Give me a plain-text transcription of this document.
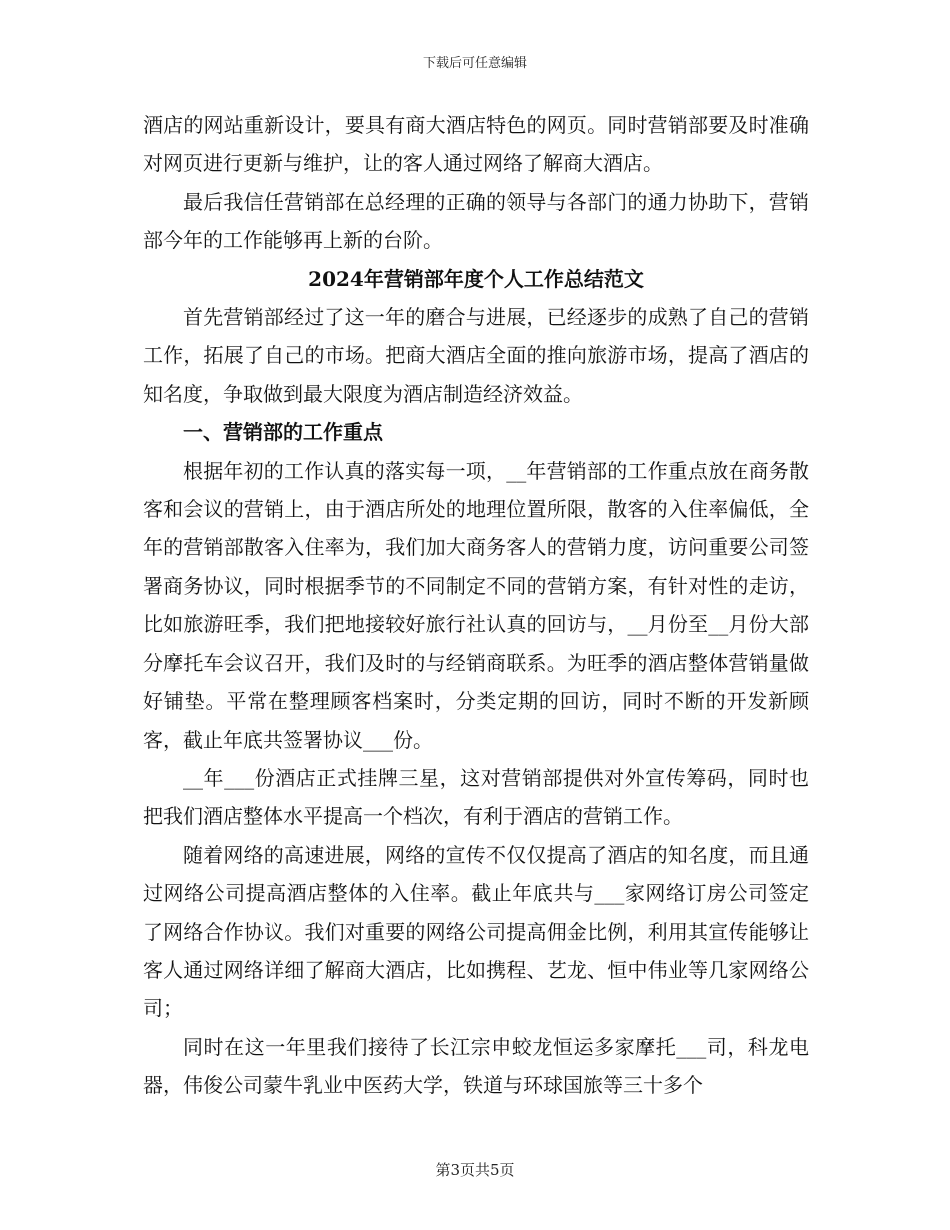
下载后可任意编辑

酒店的网站重新设计，要具有商大酒店特色的网页。同时营销部要及时准确对网页进行更新与维护，让的客人通过网络了解商大酒店。

最后我信任营销部在总经理的正确的领导与各部门的通力协助下，营销部今年的工作能够再上新的台阶。

2024年营销部年度个人工作总结范文

首先营销部经过了这一年的磨合与进展，已经逐步的成熟了自己的营销工作，拓展了自己的市场。把商大酒店全面的推向旅游市场，提高了酒店的知名度，争取做到最大限度为酒店制造经济效益。

一、营销部的工作重点

根据年初的工作认真的落实每一项，__年营销部的工作重点放在商务散客和会议的营销上，由于酒店所处的地理位置所限，散客的入住率偏低，全年的营销部散客入住率为，我们加大商务客人的营销力度，访问重要公司签署商务协议，同时根据季节的不同制定不同的营销方案，有针对性的走访，比如旅游旺季，我们把地接较好旅行社认真的回访与，__月份至__月份大部分摩托车会议召开，我们及时的与经销商联系。为旺季的酒店整体营销量做好铺垫。平常在整理顾客档案时，分类定期的回访，同时不断的开发新顾客，截止年底共签署协议___份。

__年___份酒店正式挂牌三星，这对营销部提供对外宣传筹码，同时也把我们酒店整体水平提高一个档次，有利于酒店的营销工作。

随着网络的高速进展，网络的宣传不仅仅提高了酒店的知名度，而且通过网络公司提高酒店整体的入住率。截止年底共与___家网络订房公司签定了网络合作协议。我们对重要的网络公司提高佣金比例，利用其宣传能够让客人通过网络详细了解商大酒店，比如携程、艺龙、恒中伟业等几家网络公司；

同时在这一年里我们接待了长江宗申蛟龙恒运多家摩托___司，科龙电器，伟俊公司蒙牛乳业中医药大学，铁道与环球国旅等三十多个

第3页共5页
